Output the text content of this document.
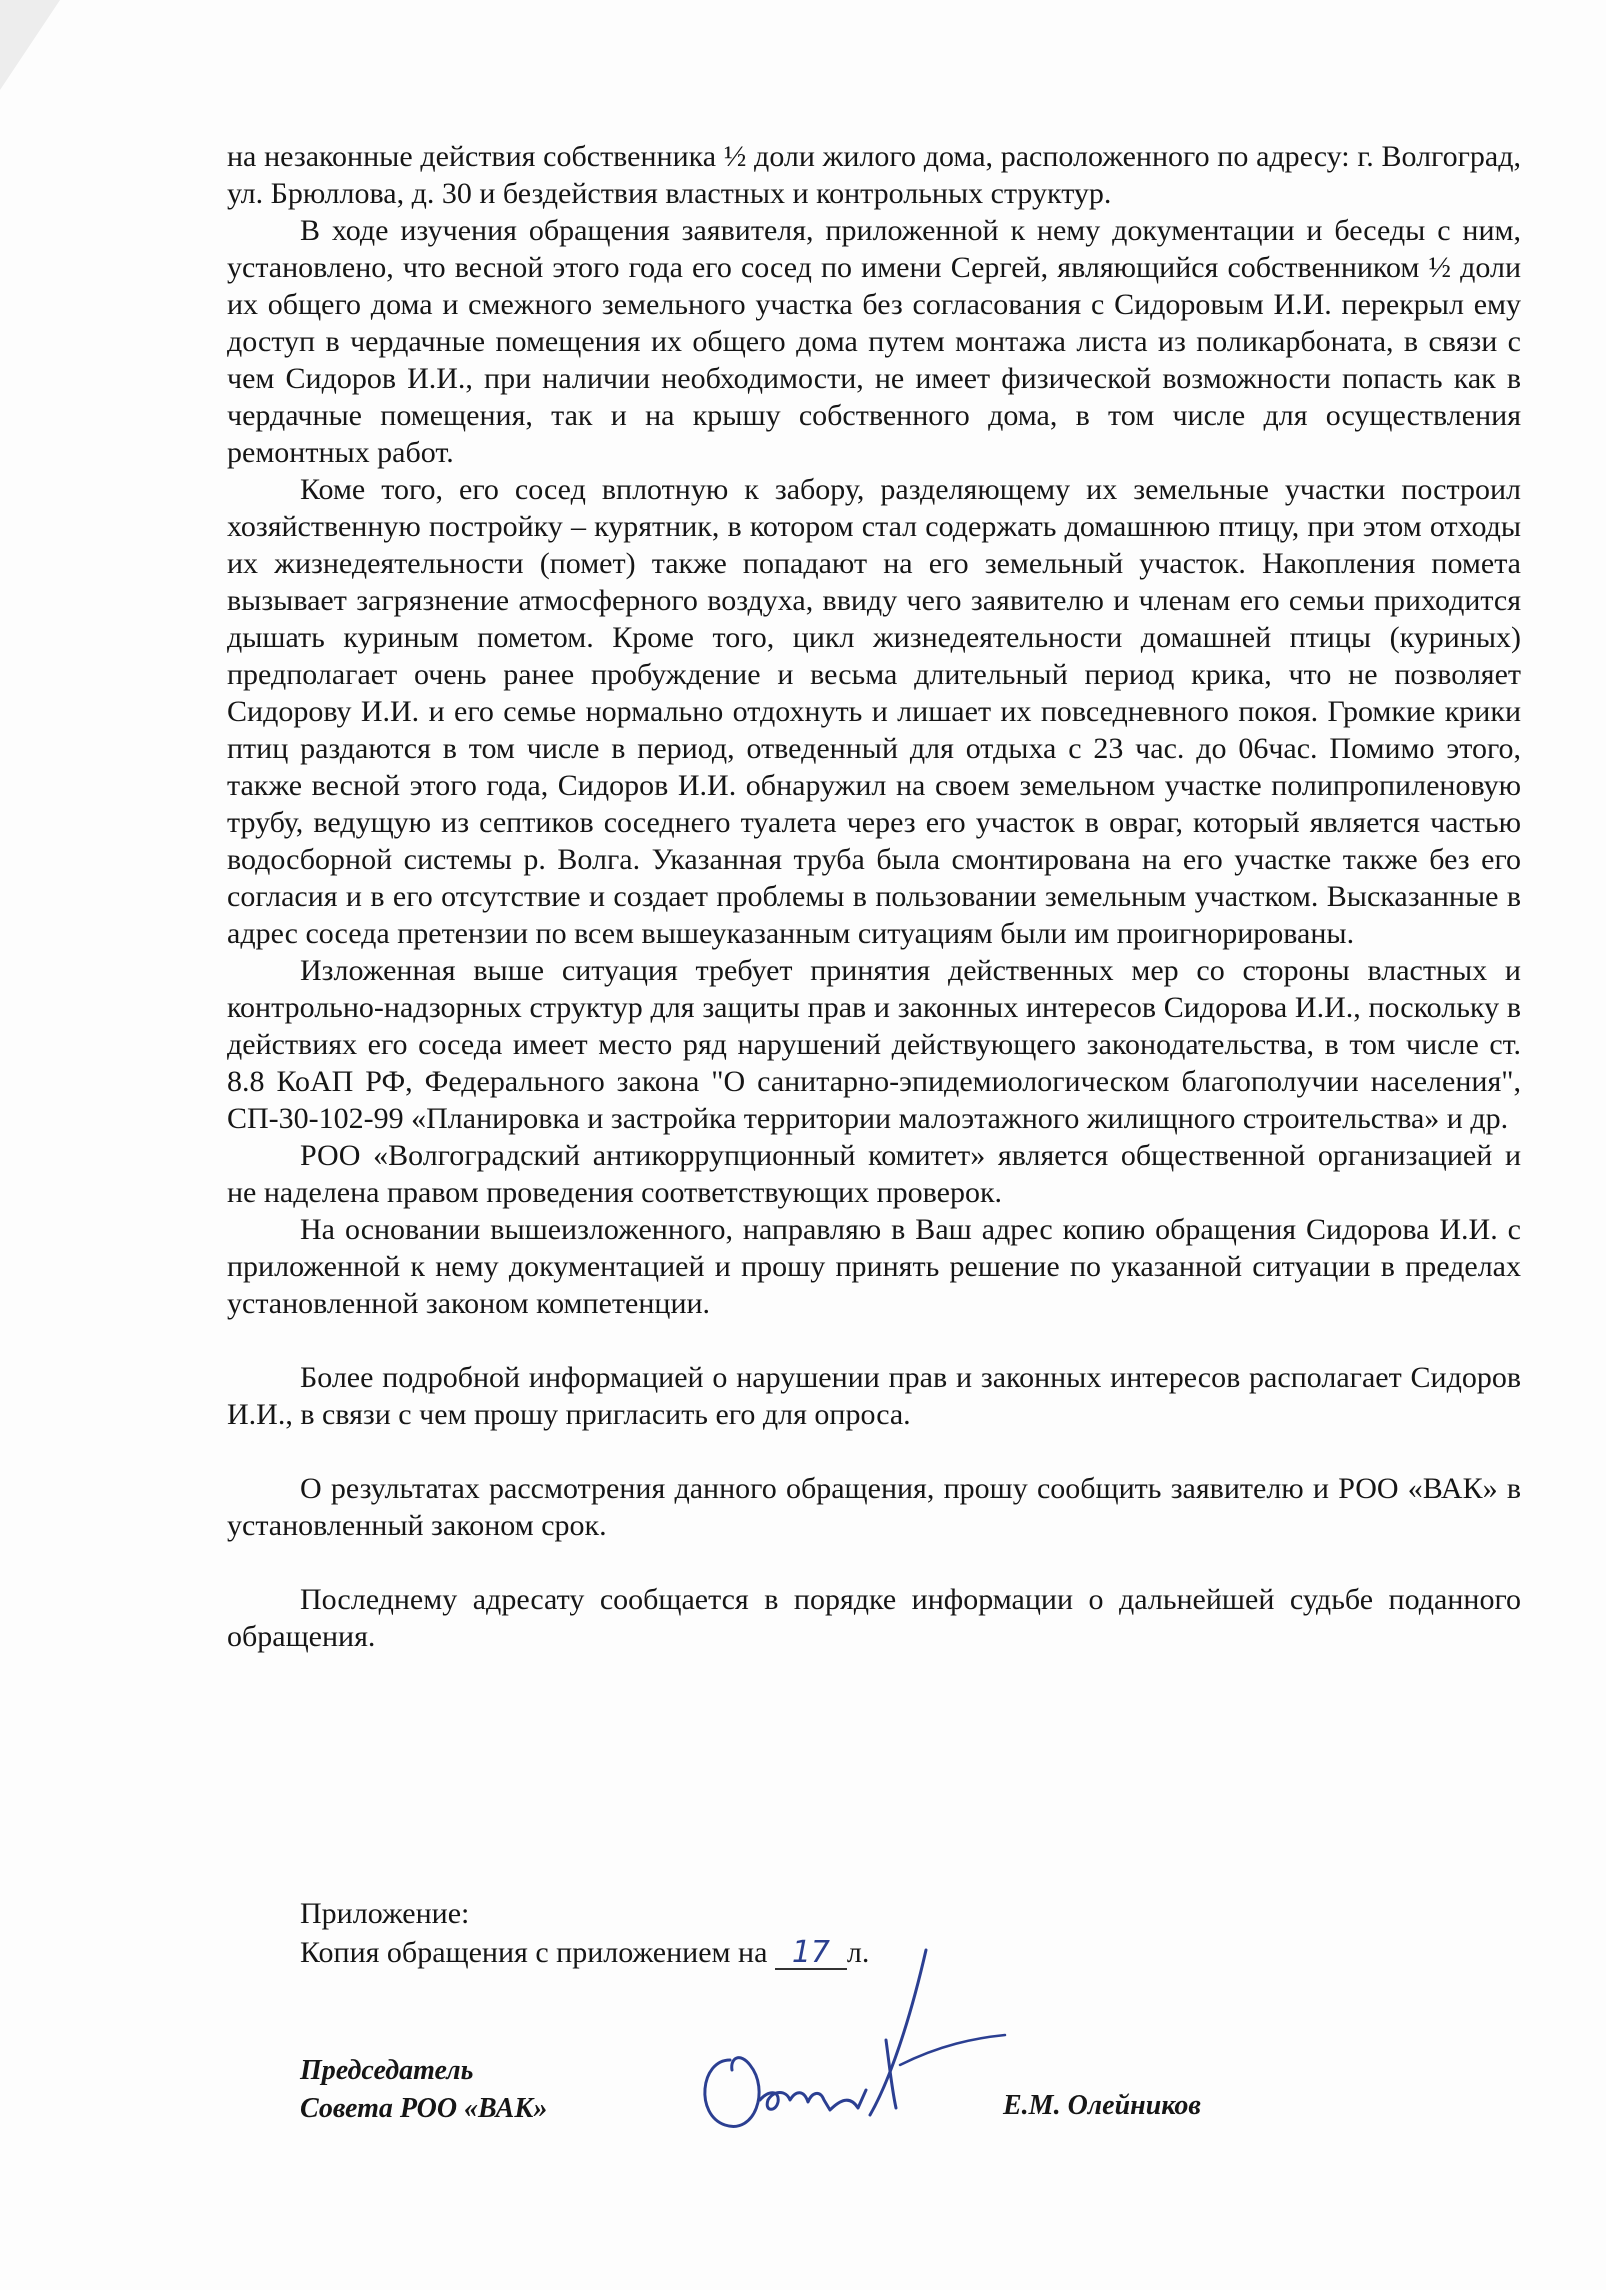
на незаконные действия собственника ½ доли жилого дома, расположенного по адресу: г. Волгоград, ул. Брюллова, д. 30 и бездействия властных и контрольных структур.

В ходе изучения обращения заявителя, приложенной к нему документации и беседы с ним, установлено, что весной этого года его сосед по имени Сергей, являющийся собственником ½ доли их общего дома и смежного земельного участка без согласования с Сидоровым И.И. перекрыл ему доступ в чердачные помещения их общего дома путем монтажа листа из поликарбоната, в связи с чем Сидоров И.И., при наличии необходимости, не имеет физической возможности попасть как в чердачные помещения, так и на крышу собственного дома, в том числе для осуществления ремонтных работ.

Коме того, его сосед вплотную к забору, разделяющему их земельные участки построил хозяйственную постройку – курятник, в котором стал содержать домашнюю птицу, при этом отходы их жизнедеятельности (помет) также попадают на его земельный участок. Накопления помета вызывает загрязнение атмосферного воздуха, ввиду чего заявителю и членам его семьи приходится дышать куриным пометом. Кроме того, цикл жизнедеятельности домашней птицы (куриных) предполагает очень ранее пробуждение и весьма длительный период крика, что не позволяет Сидорову И.И. и его семье нормально отдохнуть и лишает их повседневного покоя. Громкие крики птиц раздаются в том числе в период, отведенный для отдыха с 23 час. до 06час. Помимо этого, также весной этого года, Сидоров И.И. обнаружил на своем земельном участке полипропиленовую трубу, ведущую из септиков соседнего туалета через его участок в овраг, который является частью водосборной системы р. Волга. Указанная труба была смонтирована на его участке также без его согласия и в его отсутствие и создает проблемы в пользовании земельным участком. Высказанные в адрес соседа претензии по всем вышеуказанным ситуациям были им проигнорированы.

Изложенная выше ситуация требует принятия действенных мер со стороны властных и контрольно-надзорных структур для защиты прав и законных интересов Сидорова И.И., поскольку в действиях его соседа имеет место ряд нарушений действующего законодательства, в том числе ст. 8.8 КоАП РФ, Федерального закона "О санитарно-эпидемиологическом благополучии населения", СП-30-102-99 «Планировка и застройка территории малоэтажного жилищного строительства» и др.

РОО «Волгоградский антикоррупционный комитет» является общественной организацией и не наделена правом проведения соответствующих проверок.

На основании вышеизложенного, направляю в Ваш адрес копию обращения Сидорова И.И. с приложенной к нему документацией и прошу принять решение по указанной ситуации в пределах установленной законом компетенции.

Более подробной информацией о нарушении прав и законных интересов располагает Сидоров И.И., в связи с чем прошу пригласить его для опроса.

О результатах рассмотрения данного обращения, прошу сообщить заявителю и РОО «ВАК» в установленный законом срок.

Последнему адресату сообщается в порядке информации о дальнейшей судьбе поданного обращения.

Приложение:
Копия обращения с приложением на 17 л.
Председатель
Совета РОО «ВАК»	Е.М. Олейников
